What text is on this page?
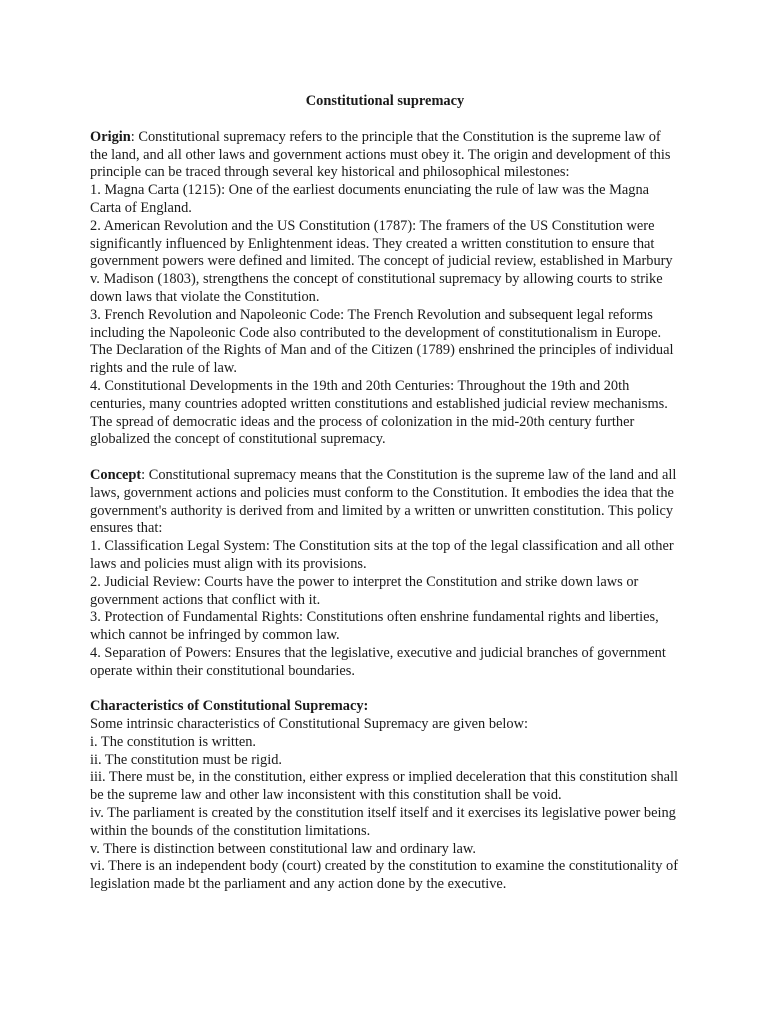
Constitutional supremacy

Origin: Constitutional supremacy refers to the principle that the Constitution is the supreme law of the land, and all other laws and government actions must obey it. The origin and development of this principle can be traced through several key historical and philosophical milestones:

1. Magna Carta (1215): One of the earliest documents enunciating the rule of law was the Magna Carta of England.

2. American Revolution and the US Constitution (1787): The framers of the US Constitution were significantly influenced by Enlightenment ideas. They created a written constitution to ensure that government powers were defined and limited. The concept of judicial review, established in Marbury v. Madison (1803), strengthens the concept of constitutional supremacy by allowing courts to strike down laws that violate the Constitution.

3. French Revolution and Napoleonic Code: The French Revolution and subsequent legal reforms including the Napoleonic Code also contributed to the development of constitutionalism in Europe. The Declaration of the Rights of Man and of the Citizen (1789) enshrined the principles of individual rights and the rule of law.

4. Constitutional Developments in the 19th and 20th Centuries: Throughout the 19th and 20th centuries, many countries adopted written constitutions and established judicial review mechanisms. The spread of democratic ideas and the process of colonization in the mid-20th century further globalized the concept of constitutional supremacy.

Concept: Constitutional supremacy means that the Constitution is the supreme law of the land and all laws, government actions and policies must conform to the Constitution. It embodies the idea that the government's authority is derived from and limited by a written or unwritten constitution. This policy ensures that:

1. Classification Legal System: The Constitution sits at the top of the legal classification and all other laws and policies must align with its provisions.

2. Judicial Review: Courts have the power to interpret the Constitution and strike down laws or government actions that conflict with it.

3. Protection of Fundamental Rights: Constitutions often enshrine fundamental rights and liberties, which cannot be infringed by common law.

4. Separation of Powers: Ensures that the legislative, executive and judicial branches of government operate within their constitutional boundaries.

Characteristics of Constitutional Supremacy:

Some intrinsic characteristics of Constitutional Supremacy are given below:

i. The constitution is written.

ii. The constitution must be rigid.

iii. There must be, in the constitution, either express or implied deceleration that this constitution shall be the supreme law and other law inconsistent with this constitution shall be void.

iv. The parliament is created by the constitution itself itself and it exercises its legislative power being within the bounds of the constitution limitations.

v. There is distinction between constitutional law and ordinary law.

vi. There is an independent body (court) created by the constitution to examine the constitutionality of legislation made bt the parliament and any action done by the executive.
